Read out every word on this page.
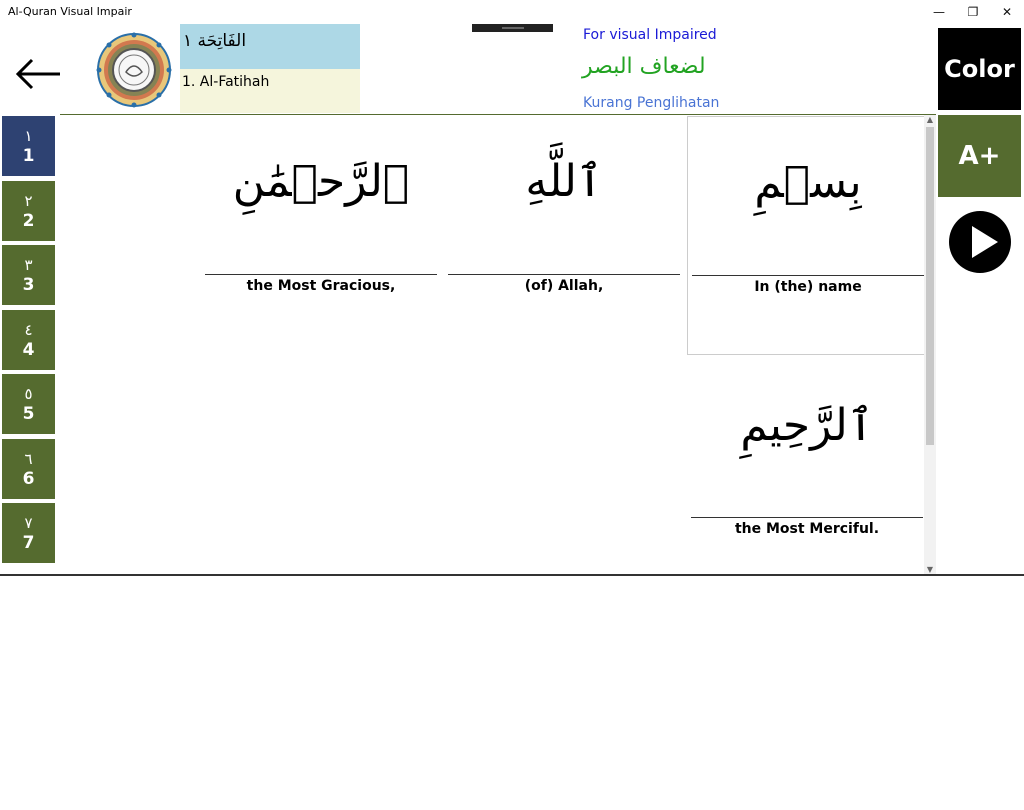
Al-Quran Visual Impair	—	❐	✕
الفَاتِحَة ١
1. Al-Fatihah
For visual Impaired
لضعاف البصر
Kurang Penglihatan
١
1
٢
2
٣
3
٤
4
٥
5
٦
6
٧
7
بِسۡمِ
In (the) name
ٱللَّهِ
(of) Allah,
ٱلرَّحۡمَٰنِ
the Most Gracious,
ٱلرَّحِيمِ
the Most Merciful.
▲
▼
Color
A+
